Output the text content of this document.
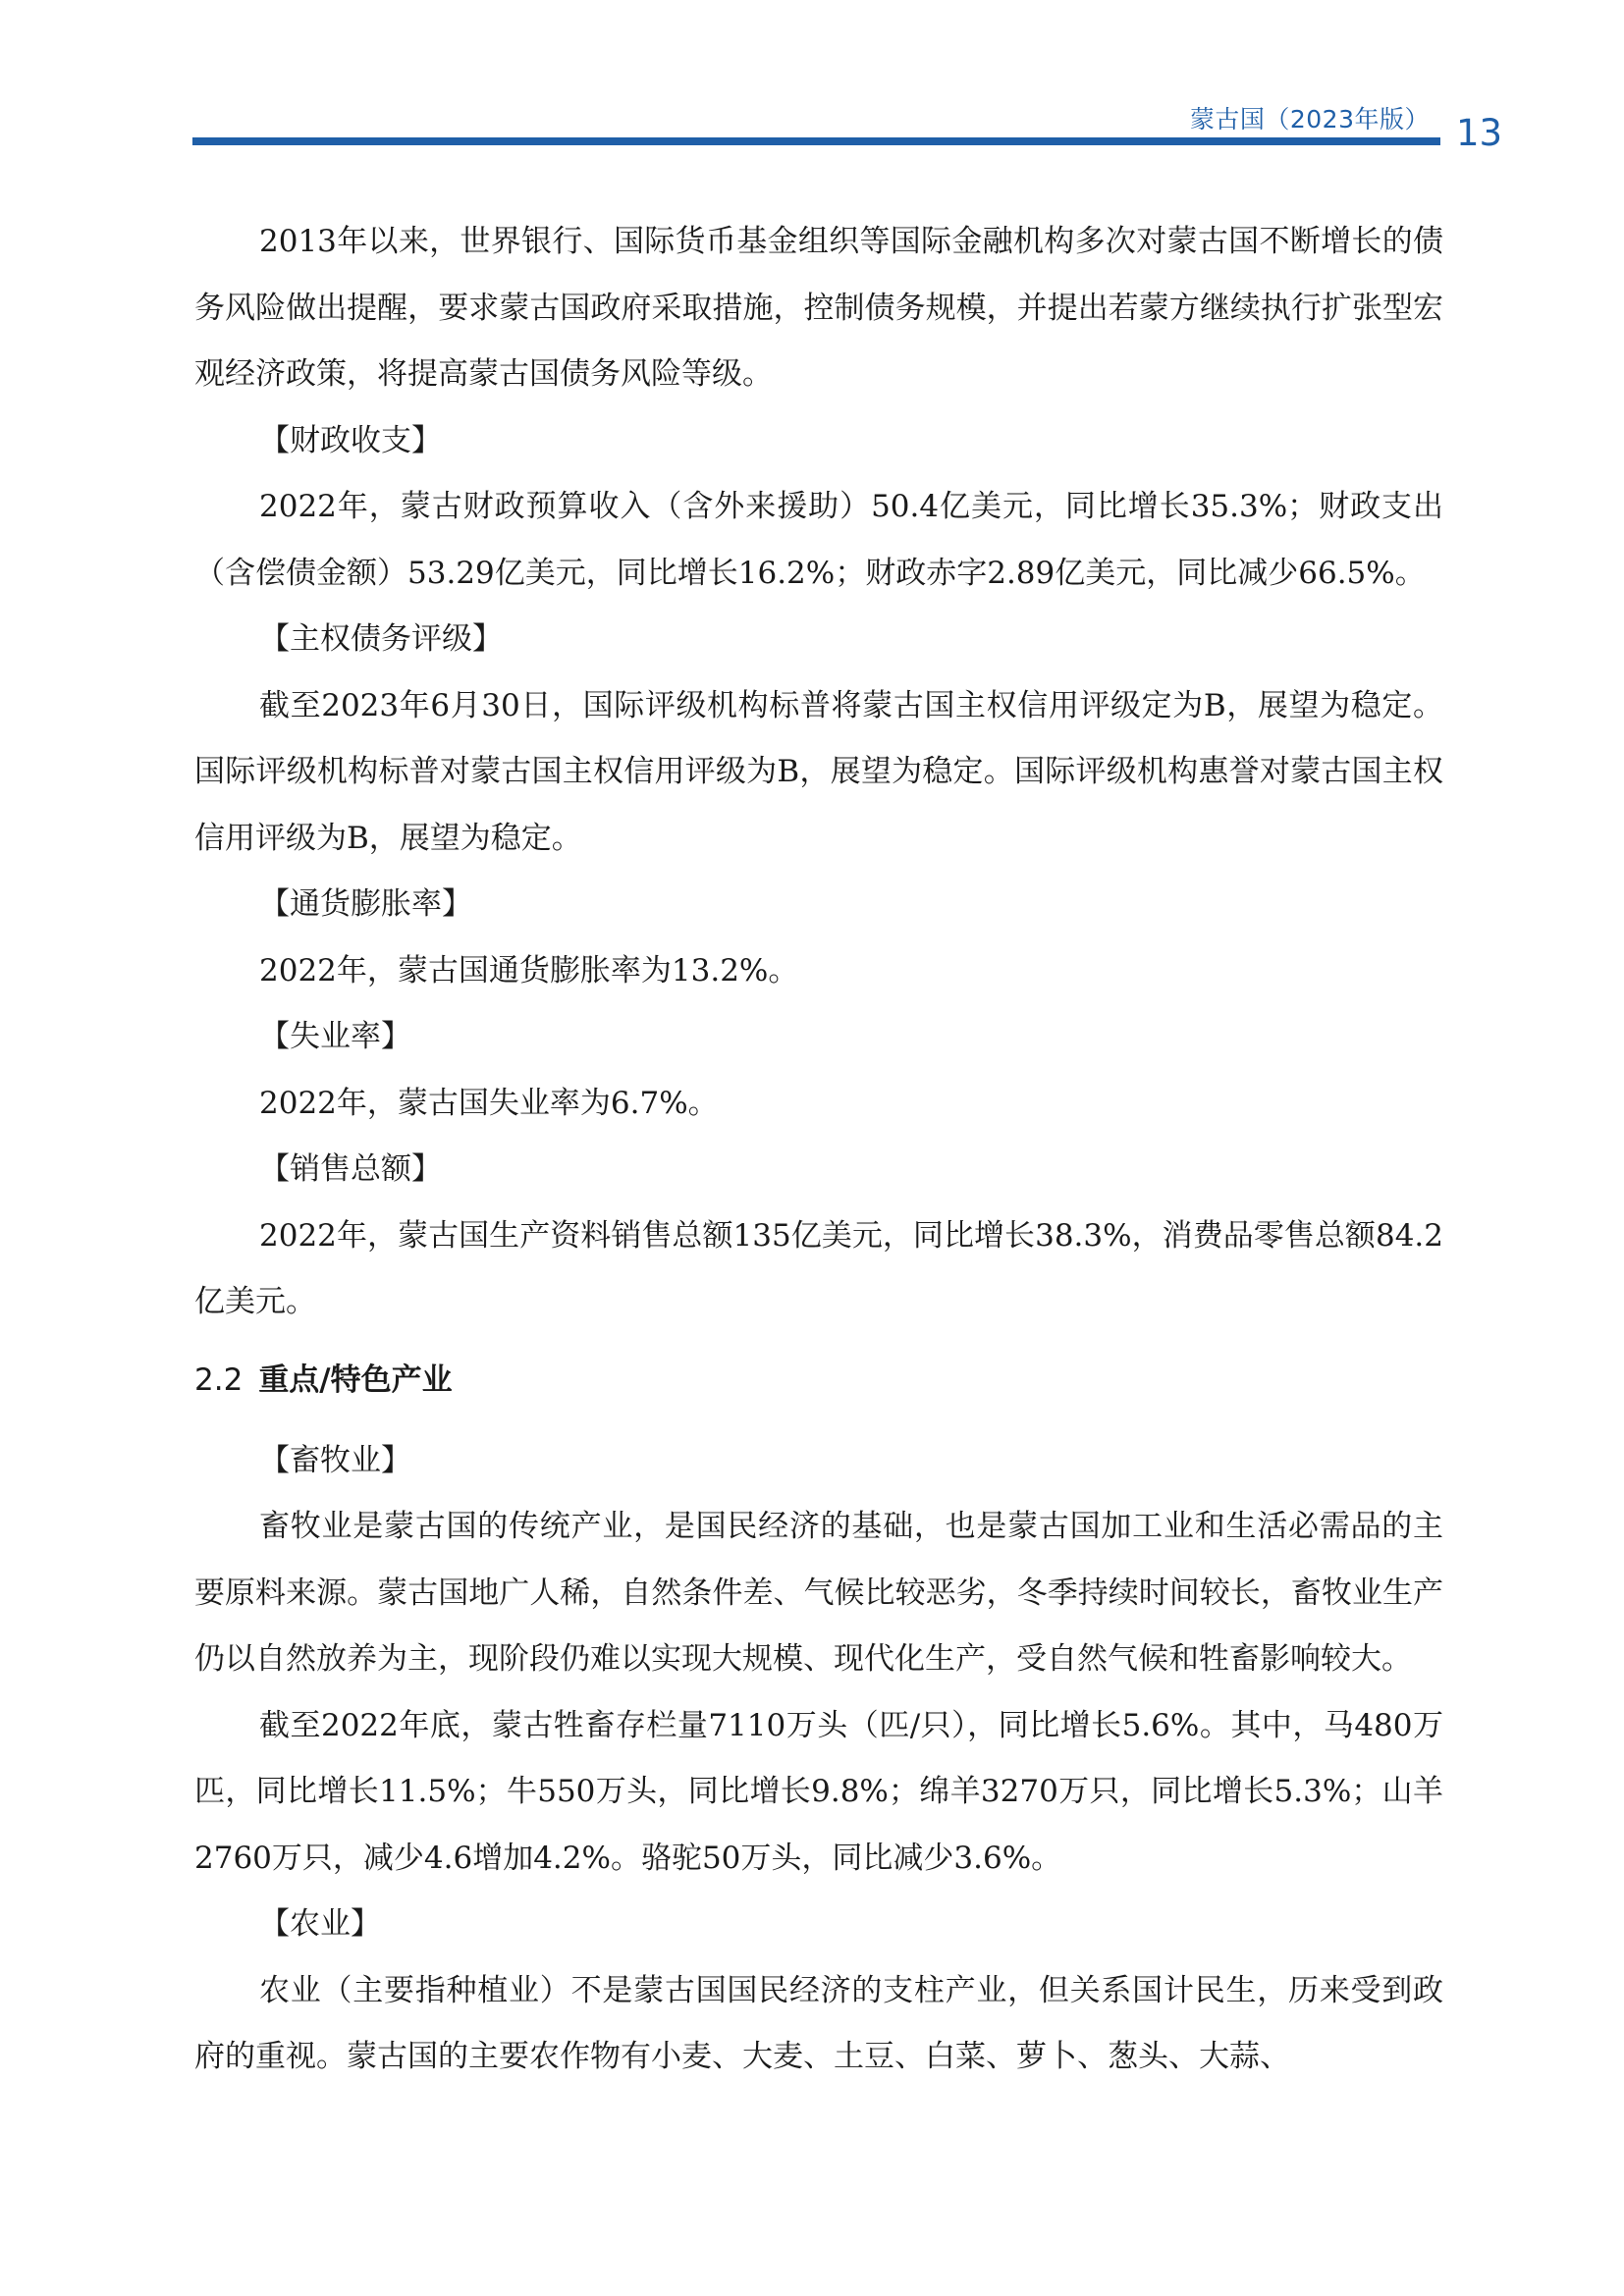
蒙古国（2023年版） 13

2013年以来，世界银行、国际货币基金组织等国际金融机构多次对蒙古国不断增长的债务风险做出提醒，要求蒙古国政府采取措施，控制债务规模，并提出若蒙方继续执行扩张型宏观经济政策，将提高蒙古国债务风险等级。

【财政收支】

2022年，蒙古财政预算收入（含外来援助）50.4亿美元，同比增长35.3%；财政支出（含偿债金额）53.29亿美元，同比增长16.2%；财政赤字2.89亿美元，同比减少66.5%。

【主权债务评级】

截至2023年6月30日，国际评级机构标普将蒙古国主权信用评级定为B，展望为稳定。国际评级机构标普对蒙古国主权信用评级为B，展望为稳定。国际评级机构惠誉对蒙古国主权信用评级为B，展望为稳定。

【通货膨胀率】

2022年，蒙古国通货膨胀率为13.2%。

【失业率】

2022年，蒙古国失业率为6.7%。

【销售总额】

2022年，蒙古国生产资料销售总额135亿美元，同比增长38.3%，消费品零售总额84.2亿美元。

2.2 重点/特色产业

【畜牧业】

畜牧业是蒙古国的传统产业，是国民经济的基础，也是蒙古国加工业和生活必需品的主要原料来源。蒙古国地广人稀，自然条件差、气候比较恶劣，冬季持续时间较长，畜牧业生产仍以自然放养为主，现阶段仍难以实现大规模、现代化生产，受自然气候和牲畜影响较大。

截至2022年底，蒙古牲畜存栏量7110万头（匹/只），同比增长5.6%。其中，马480万匹，同比增长11.5%；牛550万头，同比增长9.8%；绵羊3270万只，同比增长5.3%；山羊2760万只，减少4.6增加4.2%。骆驼50万头，同比减少3.6%。

【农业】

农业（主要指种植业）不是蒙古国国民经济的支柱产业，但关系国计民生，历来受到政府的重视。蒙古国的主要农作物有小麦、大麦、土豆、白菜、萝卜、葱头、大蒜、
